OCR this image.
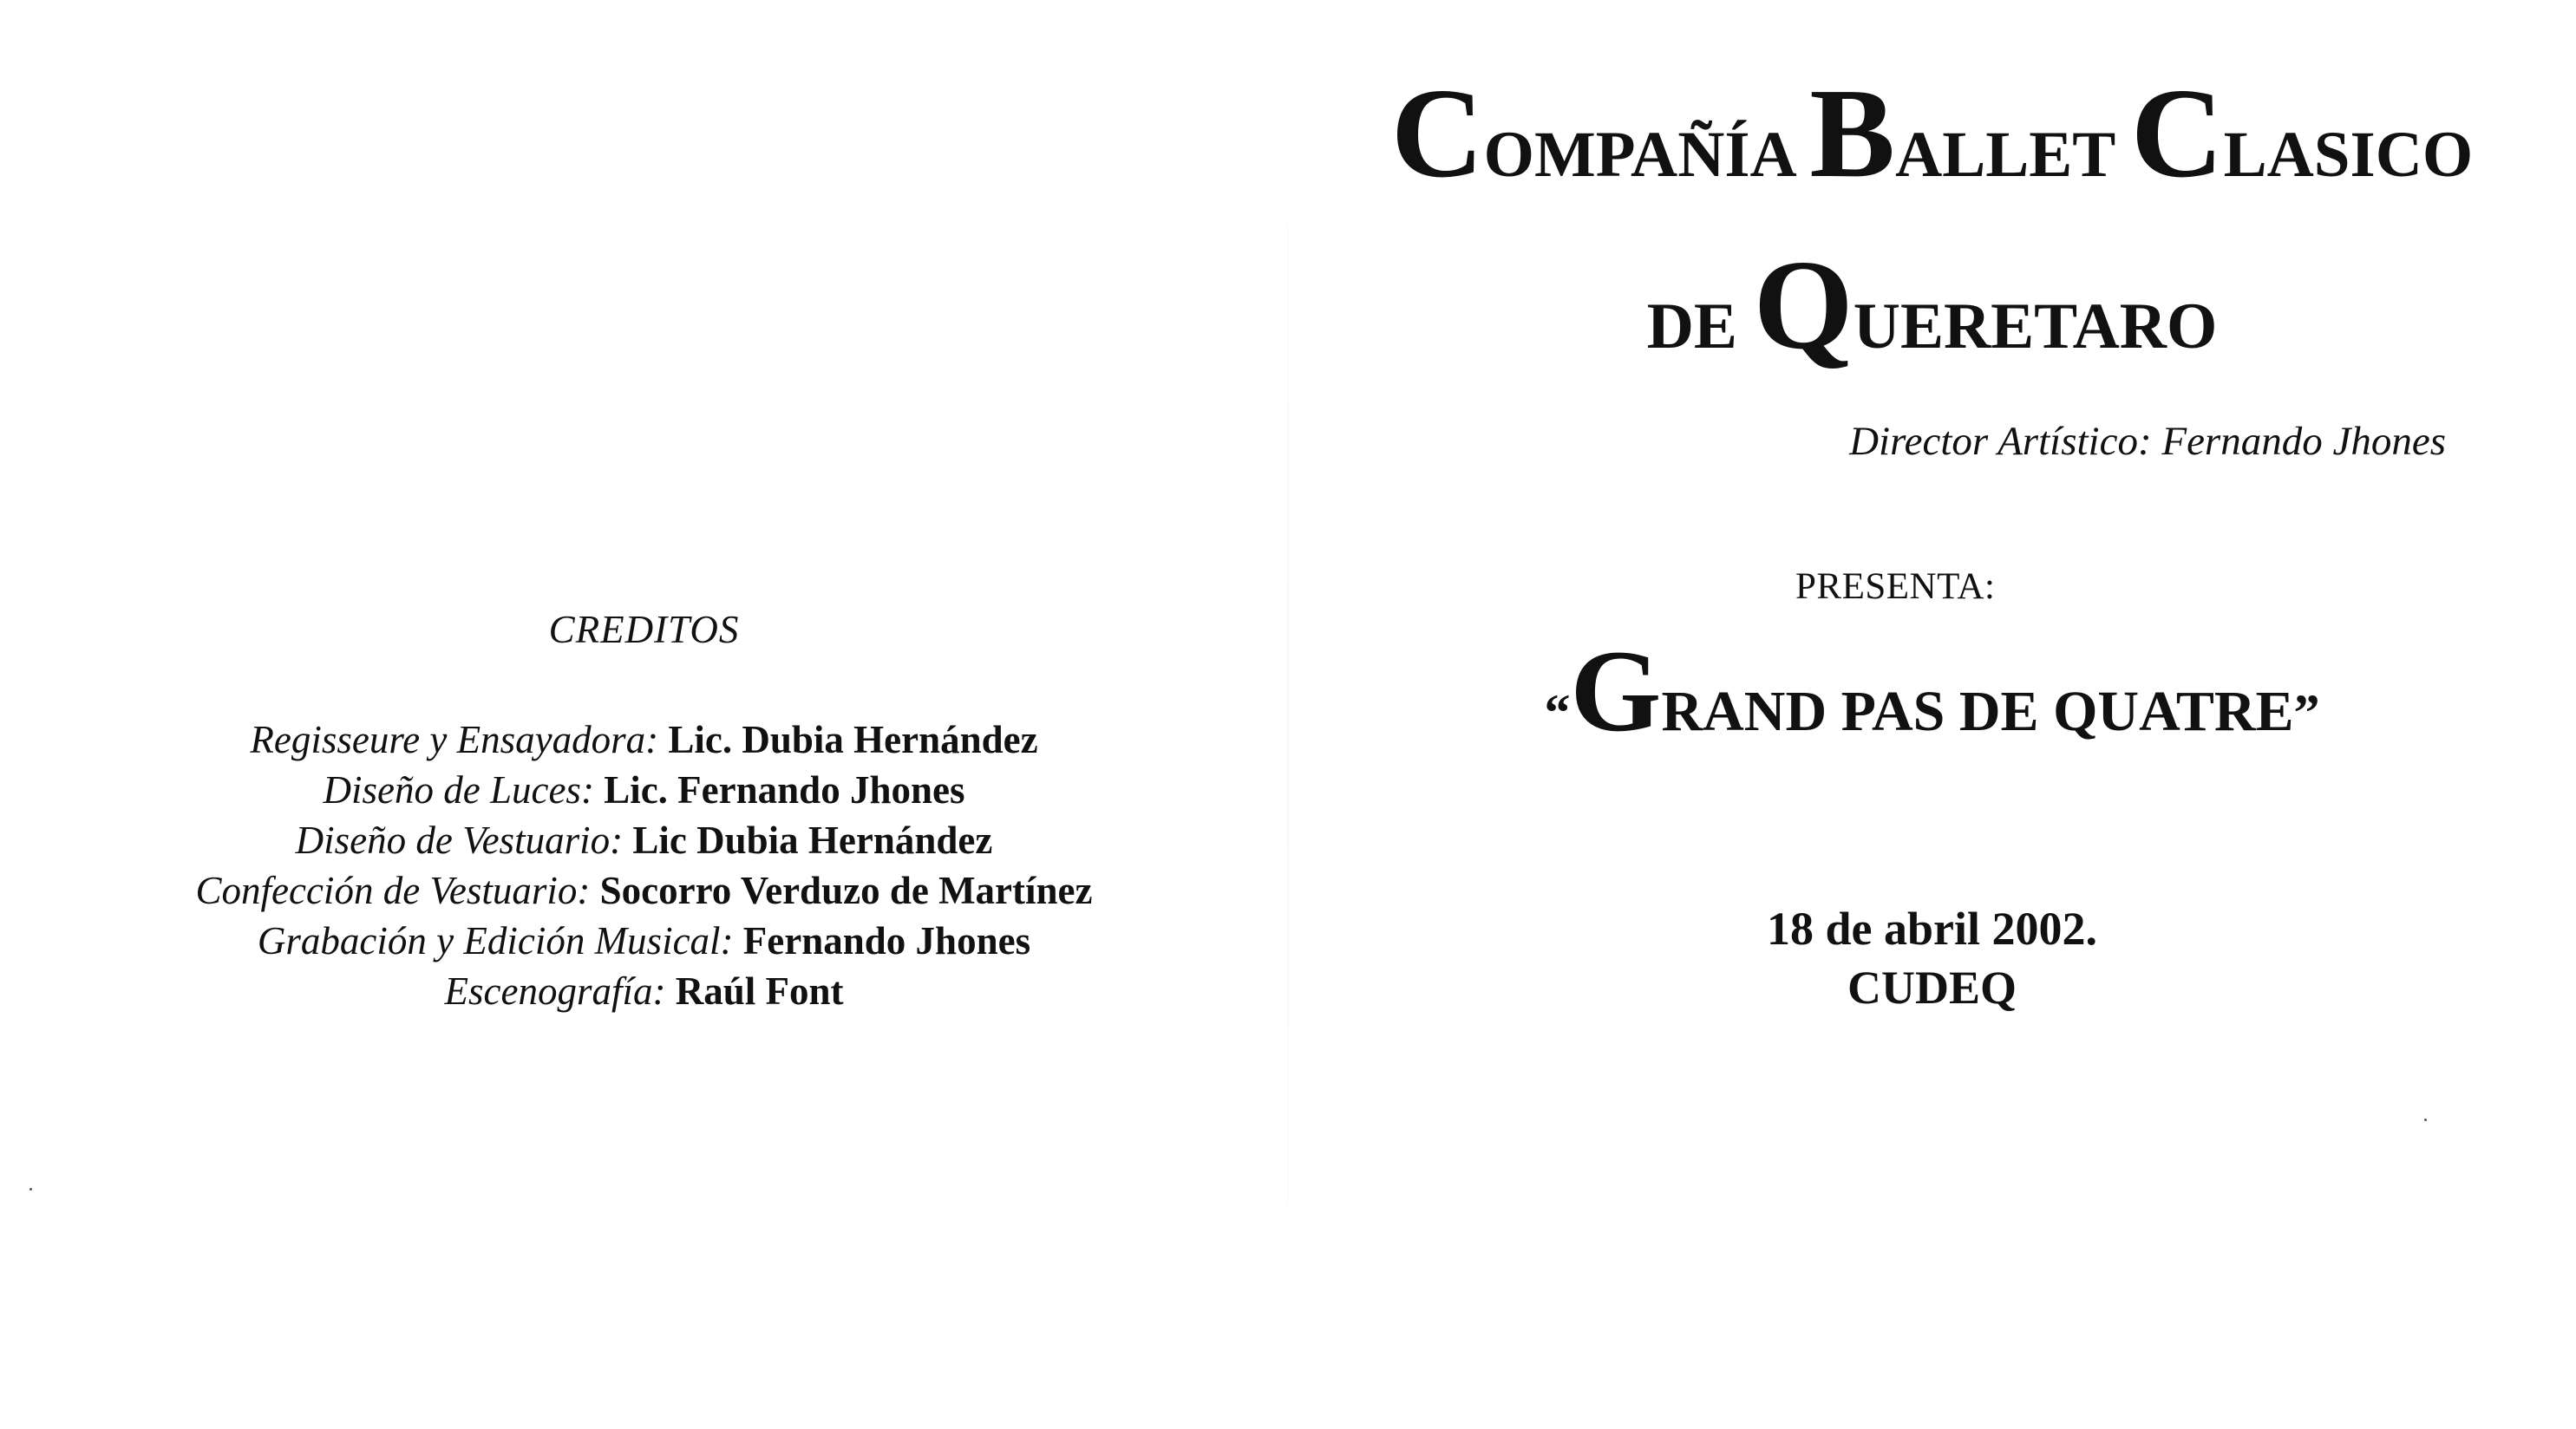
CREDITOS
Regisseure y Ensayadora: Lic. Dubia Hernández
Diseño de Luces: Lic. Fernando Jhones
Diseño de Vestuario: Lic Dubia Hernández
Confección de Vestuario: Socorro Verduzo de Martínez
Grabación y Edición Musical: Fernando Jhones
Escenografía: Raúl Font
COMPAÑÍA BALLET CLASICO
DE QUERETARO

Director Artístico: Fernando Jhones

PRESENTA:

“GRAND PAS DE QUATRE”

18 de abril 2002.

CUDEQ
